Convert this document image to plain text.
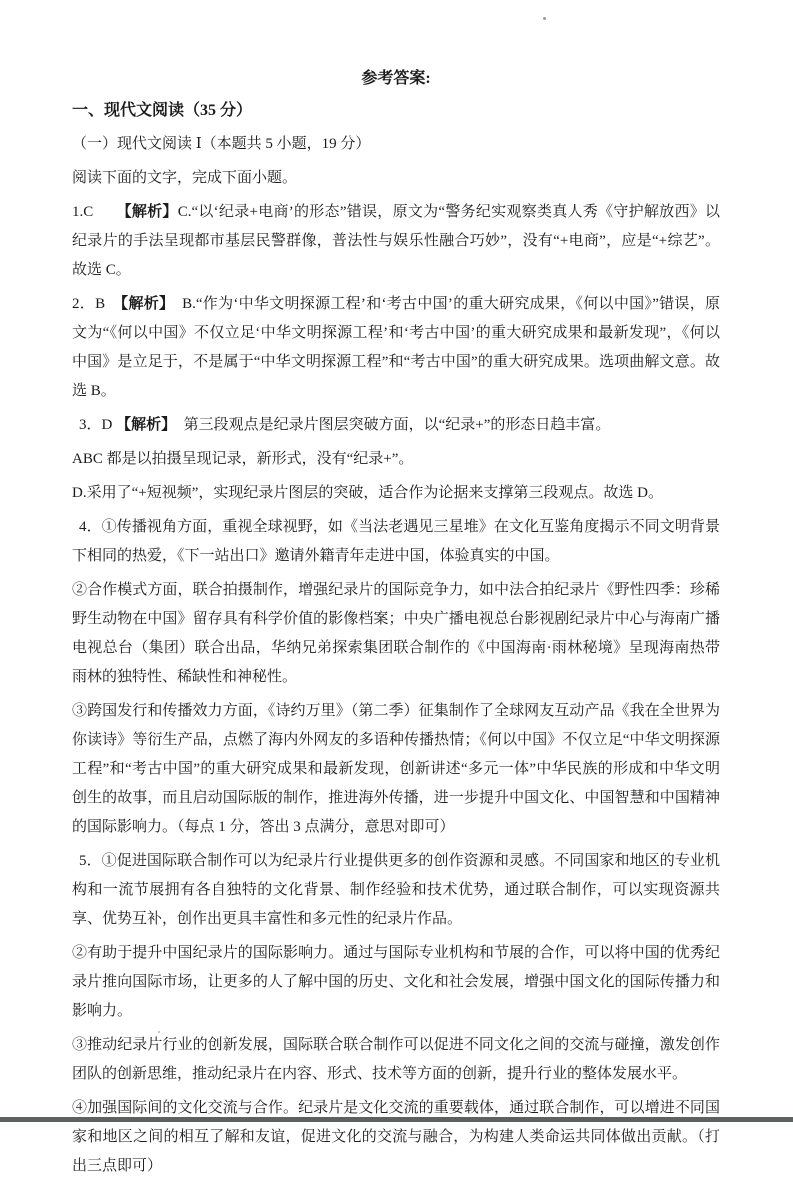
参考答案:

一、现代文阅读（35 分）

（一）现代文阅读 Ⅰ（本题共 5 小题，19 分）

阅读下面的文字，完成下面小题。

1.C　　【解析】C.“以‘纪录+电商’的形态”错误，原文为“警务纪实观察类真人秀《守护解放西》以纪录片的手法呈现都市基层民警群像，普法性与娱乐性融合巧妙”，没有“+电商”，应是“+综艺”。故选 C。

2．B　【解析】　B.“作为‘中华文明探源工程’和‘考古中国’的重大研究成果，《何以中国》”错误，原文为“《何以中国》不仅立足‘中华文明探源工程’和‘考古中国’的重大研究成果和最新发现”，《何以中国》是立足于，不是属于“中华文明探源工程”和“考古中国”的重大研究成果。选项曲解文意。故选 B。

3．D 【解析】　第三段观点是纪录片图层突破方面，以“纪录+”的形态日趋丰富。

ABC 都是以拍摄呈现记录，新形式，没有“纪录+”。

D.采用了“+短视频”，实现纪录片图层的突破，适合作为论据来支撑第三段观点。故选 D。

4．①传播视角方面，重视全球视野，如《当法老遇见三星堆》在文化互鉴角度揭示不同文明背景下相同的热爱，《下一站出口》邀请外籍青年走进中国，体验真实的中国。

②合作模式方面，联合拍摄制作，增强纪录片的国际竞争力，如中法合拍纪录片《野性四季：珍稀野生动物在中国》留存具有科学价值的影像档案；中央广播电视总台影视剧纪录片中心与海南广播电视总台（集团）联合出品，华纳兄弟探索集团联合制作的《中国海南·雨林秘境》呈现海南热带雨林的独特性、稀缺性和神秘性。

③跨国发行和传播效力方面，《诗约万里》（第二季）征集制作了全球网友互动产品《我在全世界为你读诗》等衍生产品，点燃了海内外网友的多语种传播热情；《何以中国》不仅立足“中华文明探源工程”和“考古中国”的重大研究成果和最新发现，创新讲述“多元一体”中华民族的形成和中华文明创生的故事，而且启动国际版的制作，推进海外传播，进一步提升中国文化、中国智慧和中国精神的国际影响力。（每点 1 分，答出 3 点满分，意思对即可）

5．①促进国际联合制作可以为纪录片行业提供更多的创作资源和灵感。不同国家和地区的专业机构和一流节展拥有各自独特的文化背景、制作经验和技术优势，通过联合制作，可以实现资源共享、优势互补，创作出更具丰富性和多元性的纪录片作品。

②有助于提升中国纪录片的国际影响力。通过与国际专业机构和节展的合作，可以将中国的优秀纪录片推向国际市场，让更多的人了解中国的历史、文化和社会发展，增强中国文化的国际传播力和影响力。

③推动纪录片行业的创新发展，国际联合联合制作可以促进不同文化之间的交流与碰撞，激发创作团队的创新思维，推动纪录片在内容、形式、技术等方面的创新，提升行业的整体发展水平。

④加强国际间的文化交流与合作。纪录片是文化交流的重要载体，通过联合制作，可以增进不同国家和地区之间的相互了解和友谊，促进文化的交流与融合，为构建人类命运共同体做出贡献。（打出三点即可）
